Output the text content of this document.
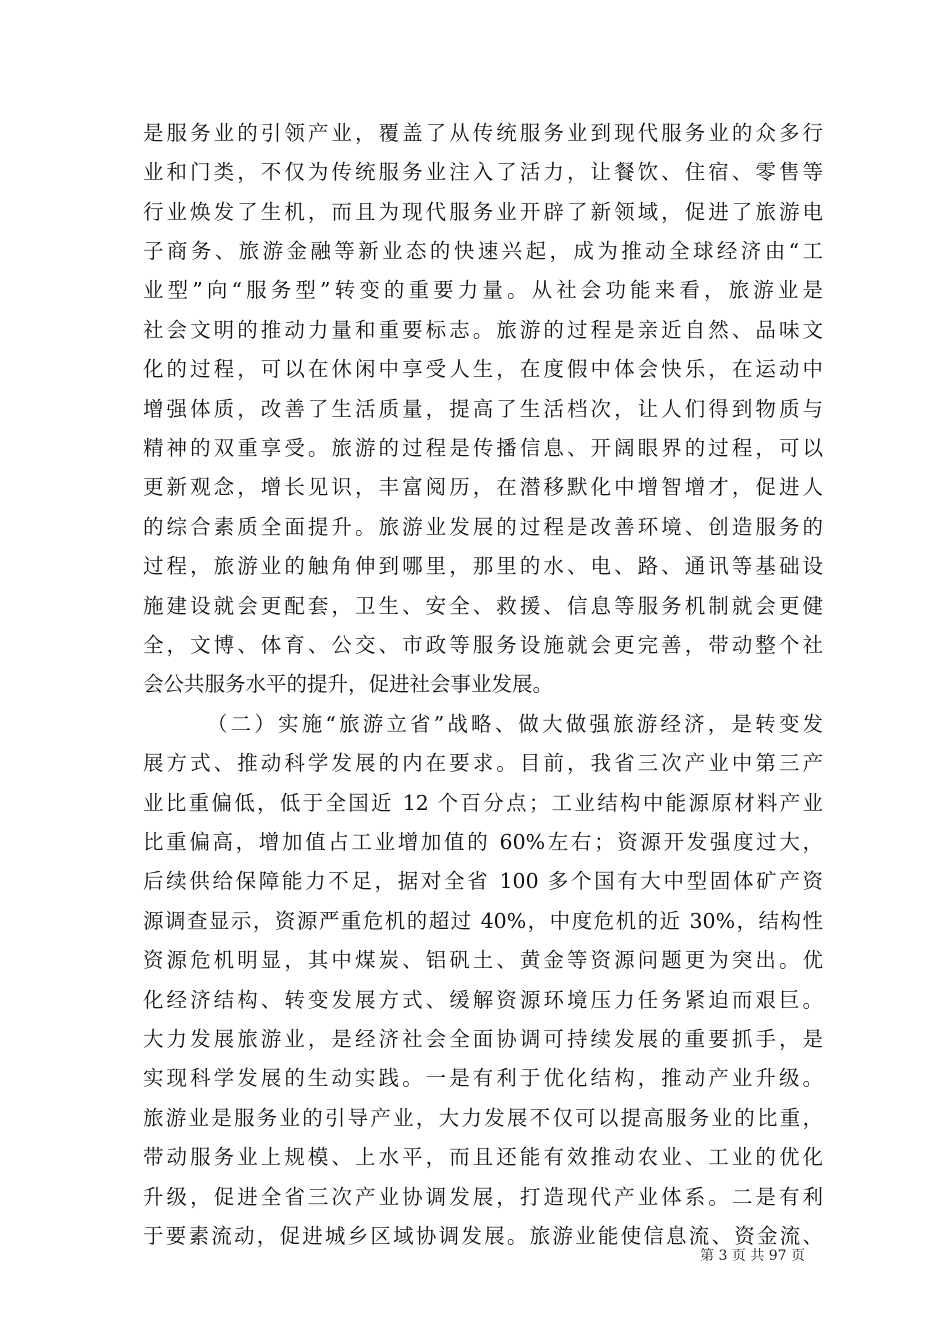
是服务业的引领产业，覆盖了从传统服务业到现代服务业的众多行
业和门类，不仅为传统服务业注入了活力，让餐饮、住宿、零售等
行业焕发了生机，而且为现代服务业开辟了新领域，促进了旅游电
子商务、旅游金融等新业态的快速兴起，成为推动全球经济由“工
业型”向“服务型”转变的重要力量。从社会功能来看，旅游业是
社会文明的推动力量和重要标志。旅游的过程是亲近自然、品味文
化的过程，可以在休闲中享受人生，在度假中体会快乐，在运动中
增强体质，改善了生活质量，提高了生活档次，让人们得到物质与
精神的双重享受。旅游的过程是传播信息、开阔眼界的过程，可以
更新观念，增长见识，丰富阅历，在潜移默化中增智增才，促进人
的综合素质全面提升。旅游业发展的过程是改善环境、创造服务的
过程，旅游业的触角伸到哪里，那里的水、电、路、通讯等基础设
施建设就会更配套，卫生、安全、救援、信息等服务机制就会更健
全，文博、体育、公交、市政等服务设施就会更完善，带动整个社
会公共服务水平的提升，促进社会事业发展。
（二）实施“旅游立省”战略、做大做强旅游经济，是转变发
展方式、推动科学发展的内在要求。目前，我省三次产业中第三产
业比重偏低，低于全国近 12 个百分点；工业结构中能源原材料产业
比重偏高，增加值占工业增加值的 60%左右；资源开发强度过大，
后续供给保障能力不足，据对全省 100 多个国有大中型固体矿产资
源调查显示，资源严重危机的超过 40%，中度危机的近 30%，结构性
资源危机明显，其中煤炭、铝矾土、黄金等资源问题更为突出。优
化经济结构、转变发展方式、缓解资源环境压力任务紧迫而艰巨。
大力发展旅游业，是经济社会全面协调可持续发展的重要抓手，是
实现科学发展的生动实践。一是有利于优化结构，推动产业升级。
旅游业是服务业的引导产业，大力发展不仅可以提高服务业的比重，
带动服务业上规模、上水平，而且还能有效推动农业、工业的优化
升级，促进全省三次产业协调发展，打造现代产业体系。二是有利
于要素流动，促进城乡区域协调发展。旅游业能使信息流、资金流、
第 3 页 共 97 页
